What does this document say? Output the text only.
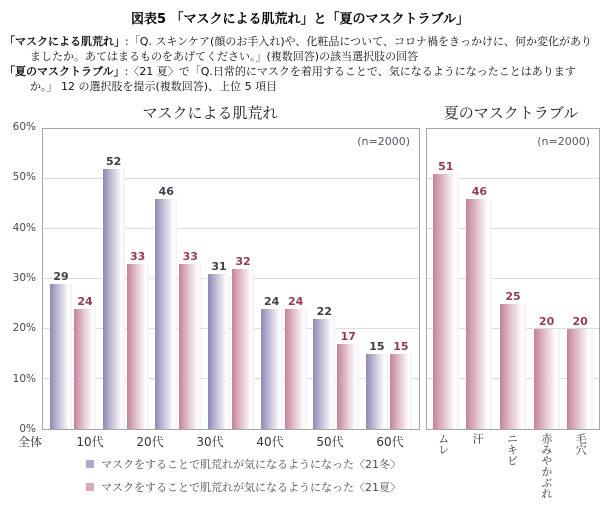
図表5 「マスクによる肌荒れ」と「夏のマスクトラブル」

「マスクによる肌荒れ」:「Q. スキンケア(顔のお手入れ)や、化粧品について、コロナ禍をきっかけに、何か変化がありましたか。あてはまるものをあげてください。」(複数回答)の該当選択肢の回答

「夏のマスクトラブル」:〈21 夏〉で「Q.日常的にマスクを着用することで、気になるようになったことはありますか。」 12 の選択肢を提示(複数回答)、上位 5 項目

マスクによる肌荒れ
0%
10%
20%
30%
40%
50%
60%
(n=2000)
29
24
52
33
46
33
31 32
24 24
22
17
15 15
全体	10代	20代	30代	40代	50代	60代
夏のマスクトラブル
(n=2000)
51
46
25
20 20
ムレ 汗 ニキビ 赤みやかぶれ 毛穴
マスクをすることで肌荒れが気になるようになった〈21冬〉
マスクをすることで肌荒れが気になるようになった〈21夏〉
